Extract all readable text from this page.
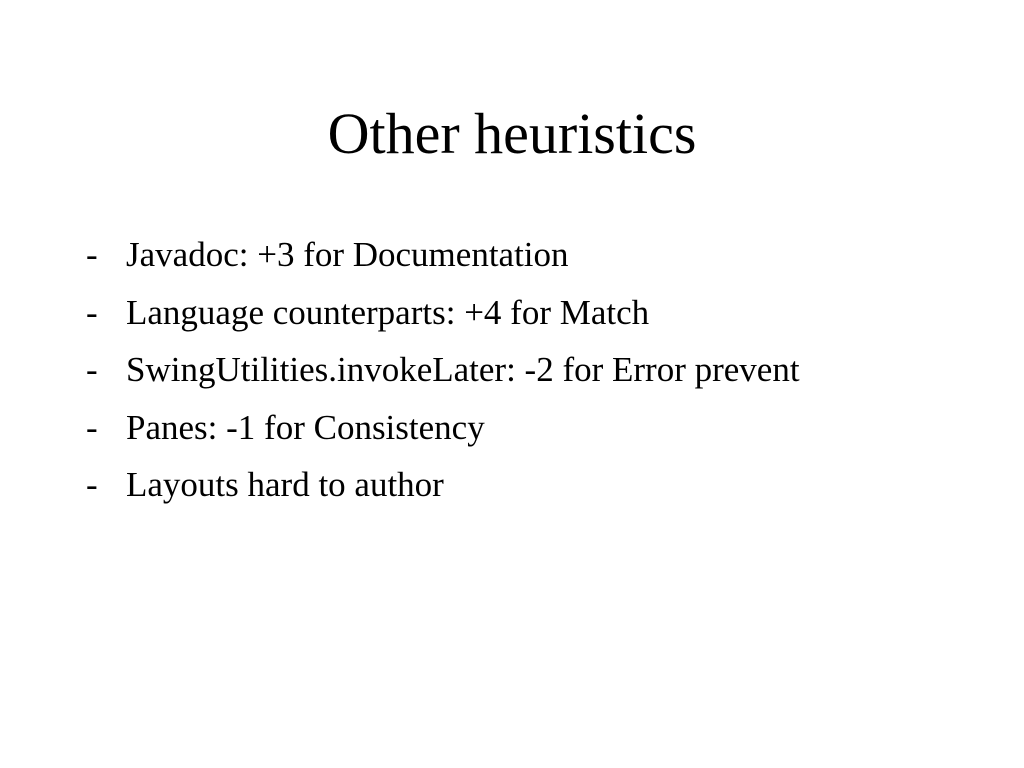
Other heuristics
- Javadoc: +3 for Documentation
- Language counterparts: +4 for Match
- SwingUtilities.invokeLater: -2 for Error prevent
- Panes: -1 for Consistency
- Layouts hard to author
